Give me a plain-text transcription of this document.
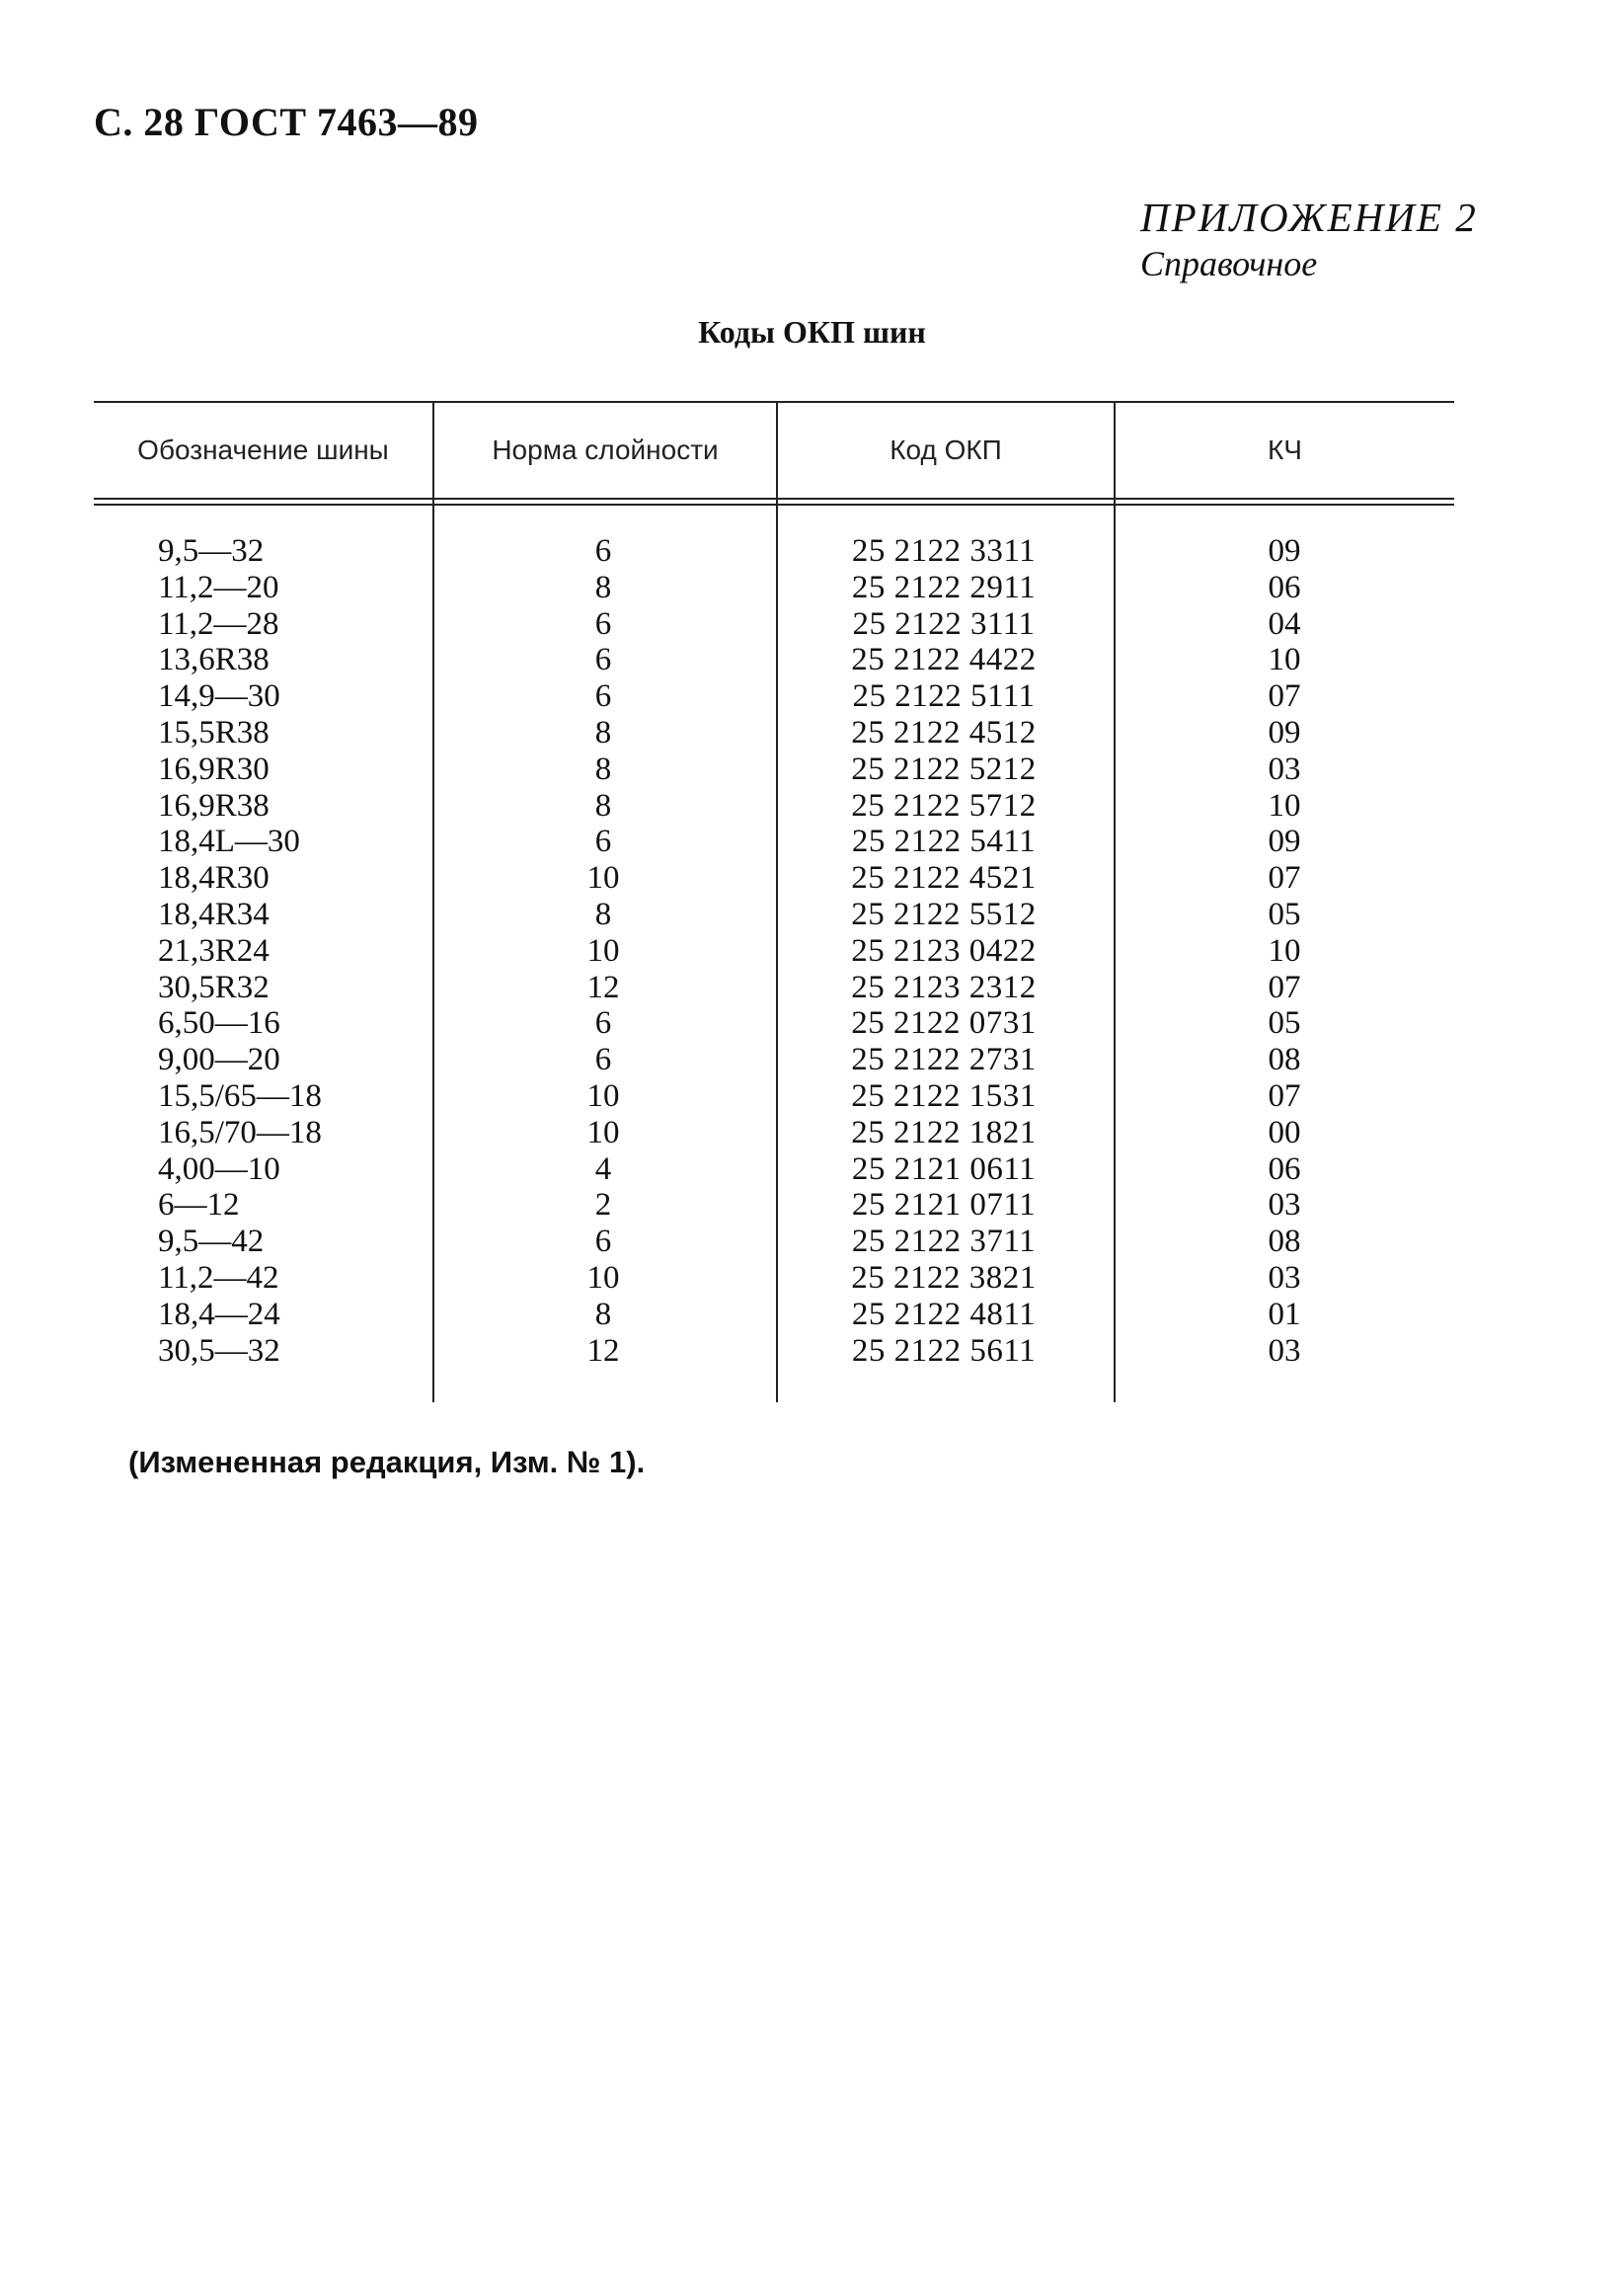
С. 28 ГОСТ 7463—89
ПРИЛОЖЕНИЕ 2
Справочное
Коды ОКП шин
Обозначение шины	Норма слойности	Код ОКП	КЧ
9,5—32	6	25 2122 3311	09
11,2—20	8	25 2122 2911	06
11,2—28	6	25 2122 3111	04
13,6R38	6	25 2122 4422	10
14,9—30	6	25 2122 5111	07
15,5R38	8	25 2122 4512	09
16,9R30	8	25 2122 5212	03
16,9R38	8	25 2122 5712	10
18,4L—30	6	25 2122 5411	09
18,4R30	10	25 2122 4521	07
18,4R34	8	25 2122 5512	05
21,3R24	10	25 2123 0422	10
30,5R32	12	25 2123 2312	07
6,50—16	6	25 2122 0731	05
9,00—20	6	25 2122 2731	08
15,5/65—18	10	25 2122 1531	07
16,5/70—18	10	25 2122 1821	00
4,00—10	4	25 2121 0611	06
6—12	2	25 2121 0711	03
9,5—42	6	25 2122 3711	08
11,2—42	10	25 2122 3821	03
18,4—24	8	25 2122 4811	01
30,5—32	12	25 2122 5611	03
(Измененная редакция, Изм. № 1).
